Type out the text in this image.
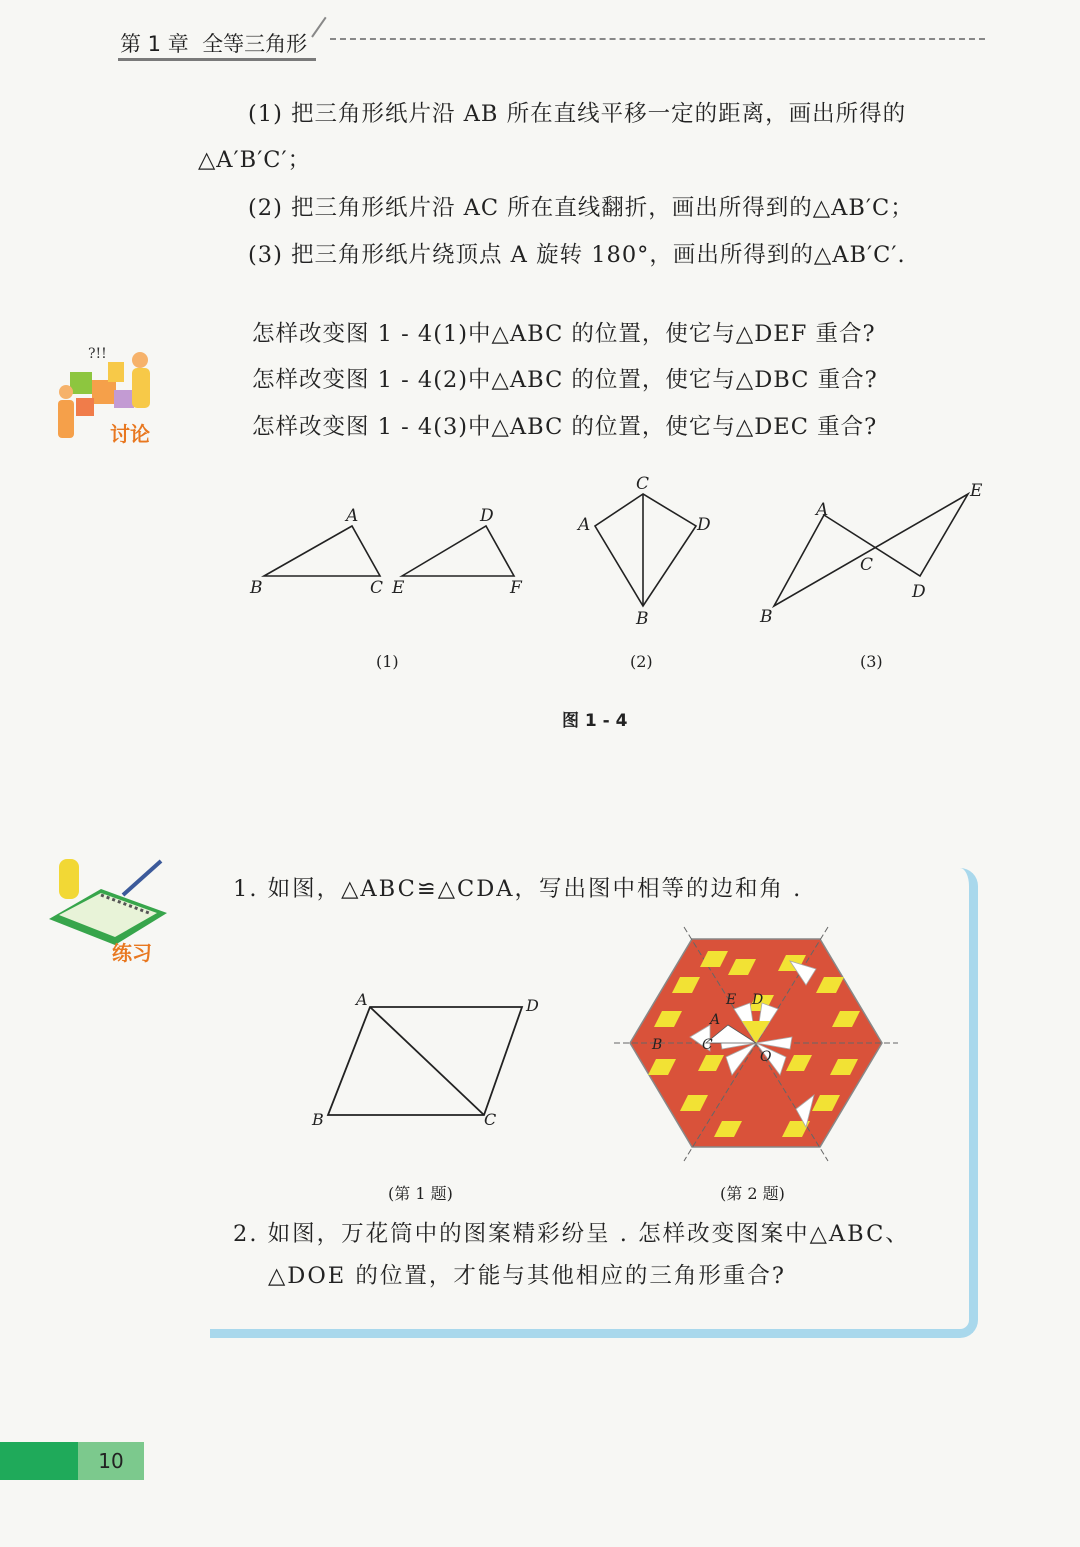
第 1 章 全等三角形
(1) 把三角形纸片沿 AB 所在直线平移一定的距离，画出所得的
△A′B′C′；
(2) 把三角形纸片沿 AC 所在直线翻折，画出所得到的△AB′C；
(3) 把三角形纸片绕顶点 A 旋转 180°，画出所得到的△AB′C′.
?!!
讨论
怎样改变图 1 - 4(1)中△ABC 的位置，使它与△DEF 重合?
怎样改变图 1 - 4(2)中△ABC 的位置，使它与△DBC 重合?
怎样改变图 1 - 4(3)中△ABC 的位置，使它与△DEC 重合?
A
B	C
D
E	F
C
A	D
B
A
E
C
B
D
(1)	(2)	(3)
图 1 - 4
练习
1. 如图，△ABC≌△CDA，写出图中相等的边和角 .
A	D
B	C
E D
A
B	C
O
(第 1 题)	(第 2 题)
2. 如图，万花筒中的图案精彩纷呈 . 怎样改变图案中△ABC、
△DOE 的位置，才能与其他相应的三角形重合?
10
